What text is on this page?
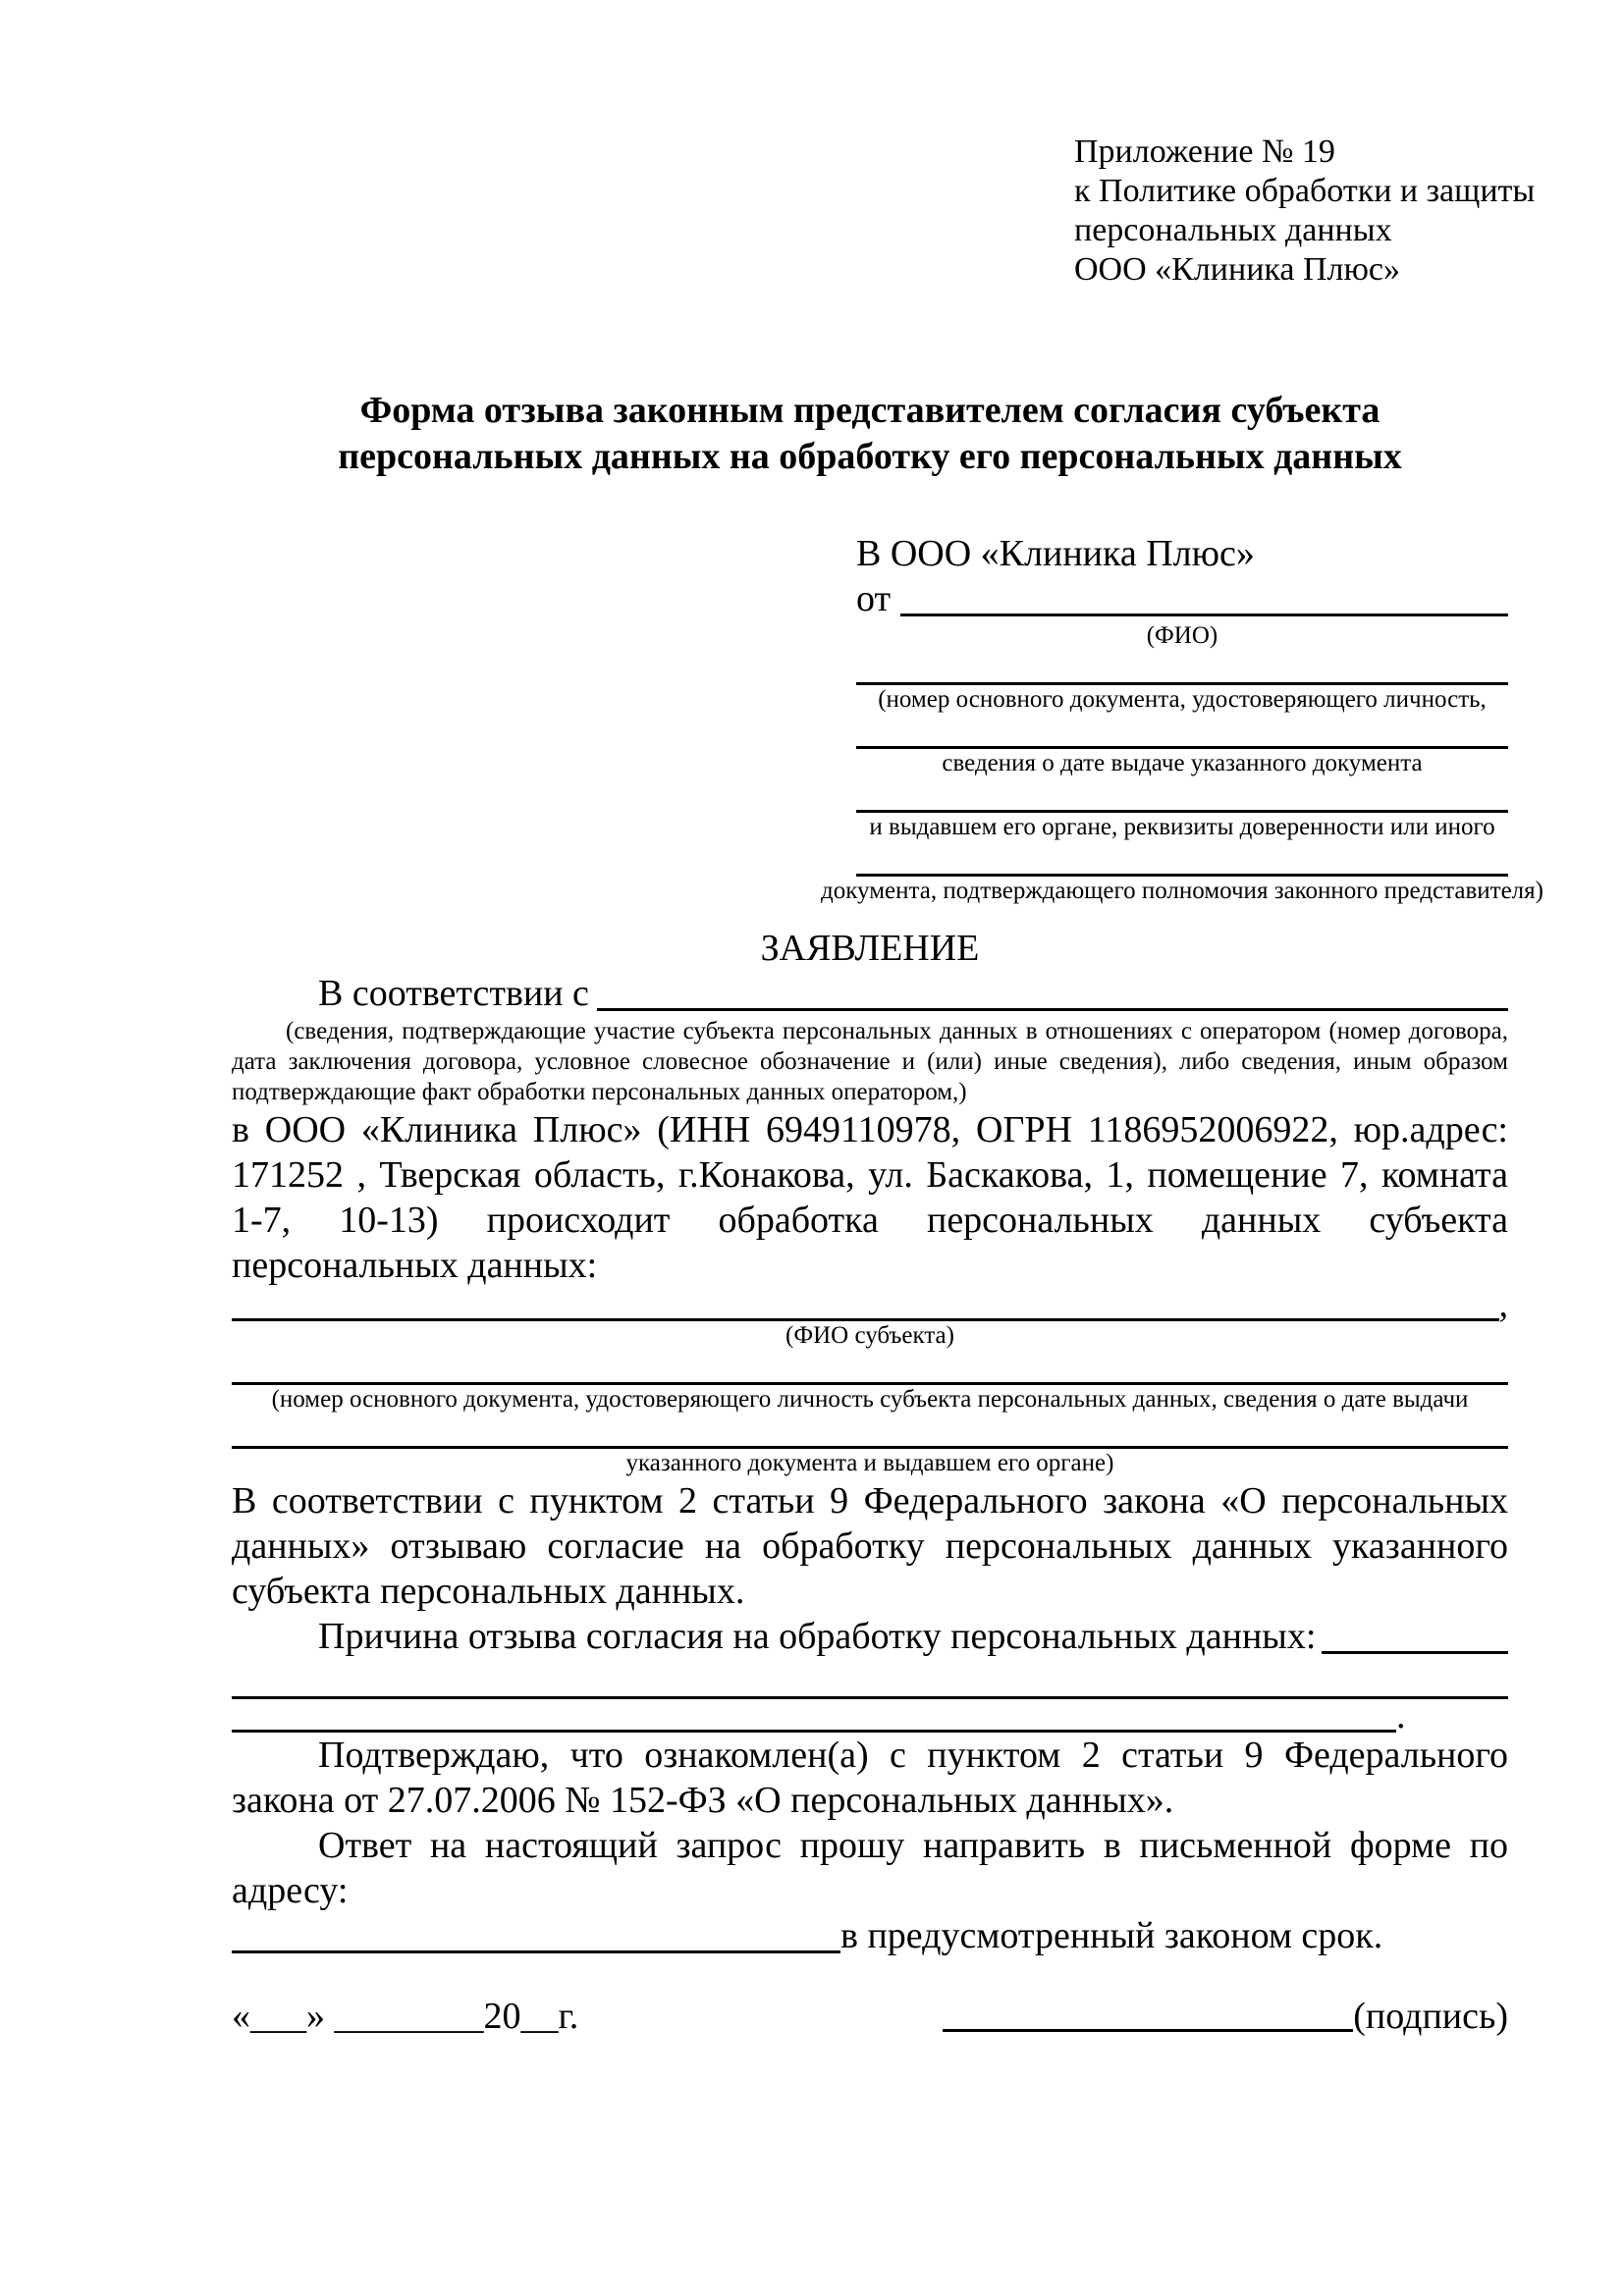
Приложение № 19
к Политике обработки и защиты
персональных данных
ООО «Клиника Плюс»
Форма отзыва законным представителем согласия субъекта
персональных данных на обработку его персональных данных
В ООО «Клиника Плюс»
от
(ФИО)
(номер основного документа, удостоверяющего личность,
сведения о дате выдаче указанного документа
и выдавшем его органе, реквизиты доверенности или иного
документа, подтверждающего полномочия законного представителя)
ЗАЯВЛЕНИЕ
В соответствии с
(сведения, подтверждающие участие субъекта персональных данных в отношениях с оператором (номер договора, дата заключения договора, условное словесное обозначение и (или) иные сведения), либо сведения, иным образом подтверждающие факт обработки персональных данных оператором,)
в ООО «Клиника Плюс» (ИНН 6949110978, ОГРН 1186952006922, юр.адрес: 171252 , Тверская область, г.Конакова, ул. Баскакова, 1, помещение 7, комната 1-7, 10-13) происходит обработка персональных данных субъекта персональных данных:
,
(ФИО субъекта)
(номер основного документа, удостоверяющего личность субъекта персональных данных, сведения о дате выдачи
указанного документа и выдавшем его органе)
В соответствии с пунктом 2 статьи 9 Федерального закона «О персональных данных» отзываю согласие на обработку персональных данных указанного субъекта персональных данных.
Причина отзыва согласия на обработку персональных данных:
.
Подтверждаю, что ознакомлен(а) с пунктом 2 статьи 9 Федерального закона от 27.07.2006 № 152-ФЗ «О персональных данных».
Ответ на настоящий запрос прошу направить в письменной форме по адресу:
в предусмотренный законом срок.
«___» ________20__г.	(подпись)
